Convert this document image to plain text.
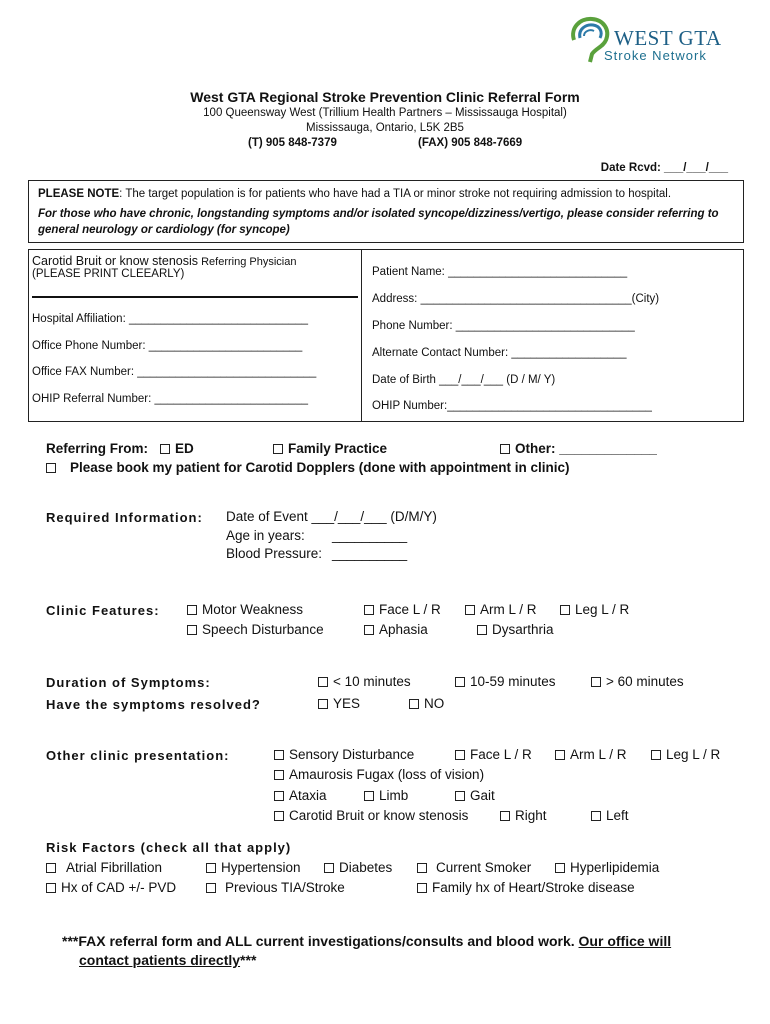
WEST GTA
Stroke Network
West GTA Regional Stroke Prevention Clinic Referral Form
100 Queensway West (Trillium Health Partners – Mississauga Hospital)
Mississauga, Ontario, L5K 2B5
(T) 905 848-7379	(FAX) 905 848-7669
Date Rcvd: ___/___/___
PLEASE NOTE: The target population is for patients who have had a TIA or minor stroke not requiring admission to hospital.
For those who have chronic, longstanding symptoms and/or isolated syncope/dizziness/vertigo, please consider referring to general neurology or cardiology (for syncope)
Carotid Bruit or know stenosis Referring Physician
(PLEASE PRINT CLEEARLY)
Hospital Affiliation: ____________________________
Office Phone Number: ________________________
Office FAX Number: ____________________________
OHIP Referral Number: ________________________
Patient Name: ____________________________
Address: _________________________________(City)
Phone Number: ____________________________
Alternate Contact Number: __________________
Date of Birth ___/___/___ (D / M/ Y)
OHIP Number:________________________________
Referring From:	ED	Family Practice	Other: _____________
Please book my patient for Carotid Dopplers (done with appointment in clinic)
Required Information: Date of Event ___/___/___ (D/M/Y)
Age in years: __________
Blood Pressure: __________
Clinic Features:	Motor Weakness	Face L / R	Arm L / R	Leg L / R
Speech Disturbance	Aphasia	Dysarthria
Duration of Symptoms:	< 10 minutes	10-59 minutes	> 60 minutes
Have the symptoms resolved?	YES	NO
Other clinic presentation:	Sensory Disturbance	Face L / R	Arm L / R	Leg L / R
Amaurosis Fugax (loss of vision)
Ataxia	Limb	Gait
Carotid Bruit or know stenosis	Right	Left
Risk Factors (check all that apply)
Atrial Fibrillation	Hypertension	Diabetes	Current Smoker	Hyperlipidemia
Hx of CAD +/- PVD	Previous TIA/Stroke	Family hx of Heart/Stroke disease
***FAX referral form and ALL current investigations/consults and blood work. Our office will
contact patients directly***
